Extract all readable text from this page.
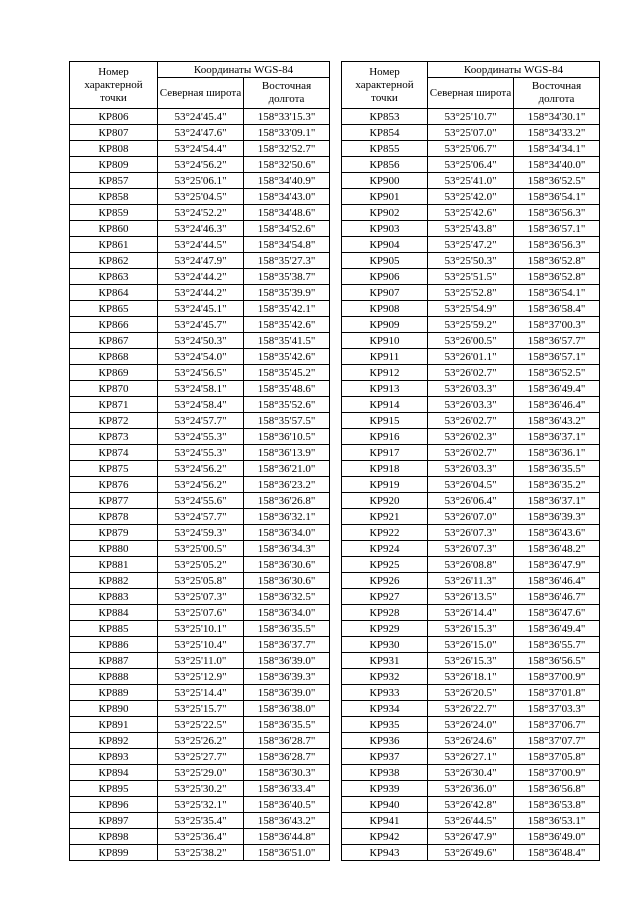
Номер характерной точки	Координаты WGS-84	
	Северная широта	Восточная долгота
КР806	53°24'45.4"	158°33'15.3"
КР807	53°24'47.6"	158°33'09.1"
КР808	53°24'54.4"	158°32'52.7"
КР809	53°24'56.2"	158°32'50.6"
КР857	53°25'06.1"	158°34'40.9"
КР858	53°25'04.5"	158°34'43.0"
КР859	53°24'52.2"	158°34'48.6"
КР860	53°24'46.3"	158°34'52.6"
КР861	53°24'44.5"	158°34'54.8"
КР862	53°24'47.9"	158°35'27.3"
КР863	53°24'44.2"	158°35'38.7"
КР864	53°24'44.2"	158°35'39.9"
КР865	53°24'45.1"	158°35'42.1"
КР866	53°24'45.7"	158°35'42.6"
КР867	53°24'50.3"	158°35'41.5"
КР868	53°24'54.0"	158°35'42.6"
КР869	53°24'56.5"	158°35'45.2"
КР870	53°24'58.1"	158°35'48.6"
КР871	53°24'58.4"	158°35'52.6"
КР872	53°24'57.7"	158°35'57.5"
КР873	53°24'55.3"	158°36'10.5"
КР874	53°24'55.3"	158°36'13.9"
КР875	53°24'56.2"	158°36'21.0"
КР876	53°24'56.2"	158°36'23.2"
КР877	53°24'55.6"	158°36'26.8"
КР878	53°24'57.7"	158°36'32.1"
КР879	53°24'59.3"	158°36'34.0"
КР880	53°25'00.5"	158°36'34.3"
КР881	53°25'05.2"	158°36'30.6"
КР882	53°25'05.8"	158°36'30.6"
КР883	53°25'07.3"	158°36'32.5"
КР884	53°25'07.6"	158°36'34.0"
КР885	53°25'10.1"	158°36'35.5"
КР886	53°25'10.4"	158°36'37.7"
КР887	53°25'11.0"	158°36'39.0"
КР888	53°25'12.9"	158°36'39.3"
КР889	53°25'14.4"	158°36'39.0"
КР890	53°25'15.7"	158°36'38.0"
КР891	53°25'22.5"	158°36'35.5"
КР892	53°25'26.2"	158°36'28.7"
КР893	53°25'27.7"	158°36'28.7"
КР894	53°25'29.0"	158°36'30.3"
КР895	53°25'30.2"	158°36'33.4"
КР896	53°25'32.1"	158°36'40.5"
КР897	53°25'35.4"	158°36'43.2"
КР898	53°25'36.4"	158°36'44.8"
КР899	53°25'38.2"	158°36'51.0"
Номер характерной точки	Координаты WGS-84	
	Северная широта	Восточная долгота
КР853	53°25'10.7"	158°34'30.1"
КР854	53°25'07.0"	158°34'33.2"
КР855	53°25'06.7"	158°34'34.1"
КР856	53°25'06.4"	158°34'40.0"
КР900	53°25'41.0"	158°36'52.5"
КР901	53°25'42.0"	158°36'54.1"
КР902	53°25'42.6"	158°36'56.3"
КР903	53°25'43.8"	158°36'57.1"
КР904	53°25'47.2"	158°36'56.3"
КР905	53°25'50.3"	158°36'52.8"
КР906	53°25'51.5"	158°36'52.8"
КР907	53°25'52.8"	158°36'54.1"
КР908	53°25'54.9"	158°36'58.4"
КР909	53°25'59.2"	158°37'00.3"
КР910	53°26'00.5"	158°36'57.7"
КР911	53°26'01.1"	158°36'57.1"
КР912	53°26'02.7"	158°36'52.5"
КР913	53°26'03.3"	158°36'49.4"
КР914	53°26'03.3"	158°36'46.4"
КР915	53°26'02.7"	158°36'43.2"
КР916	53°26'02.3"	158°36'37.1"
КР917	53°26'02.7"	158°36'36.1"
КР918	53°26'03.3"	158°36'35.5"
КР919	53°26'04.5"	158°36'35.2"
КР920	53°26'06.4"	158°36'37.1"
КР921	53°26'07.0"	158°36'39.3"
КР922	53°26'07.3"	158°36'43.6"
КР924	53°26'07.3"	158°36'48.2"
КР925	53°26'08.8"	158°36'47.9"
КР926	53°26'11.3"	158°36'46.4"
КР927	53°26'13.5"	158°36'46.7"
КР928	53°26'14.4"	158°36'47.6"
КР929	53°26'15.3"	158°36'49.4"
КР930	53°26'15.0"	158°36'55.7"
КР931	53°26'15.3"	158°36'56.5"
КР932	53°26'18.1"	158°37'00.9"
КР933	53°26'20.5"	158°37'01.8"
КР934	53°26'22.7"	158°37'03.3"
КР935	53°26'24.0"	158°37'06.7"
КР936	53°26'24.6"	158°37'07.7"
КР937	53°26'27.1"	158°37'05.8"
КР938	53°26'30.4"	158°37'00.9"
КР939	53°26'36.0"	158°36'56.8"
КР940	53°26'42.8"	158°36'53.8"
КР941	53°26'44.5"	158°36'53.1"
КР942	53°26'47.9"	158°36'49.0"
КР943	53°26'49.6"	158°36'48.4"
